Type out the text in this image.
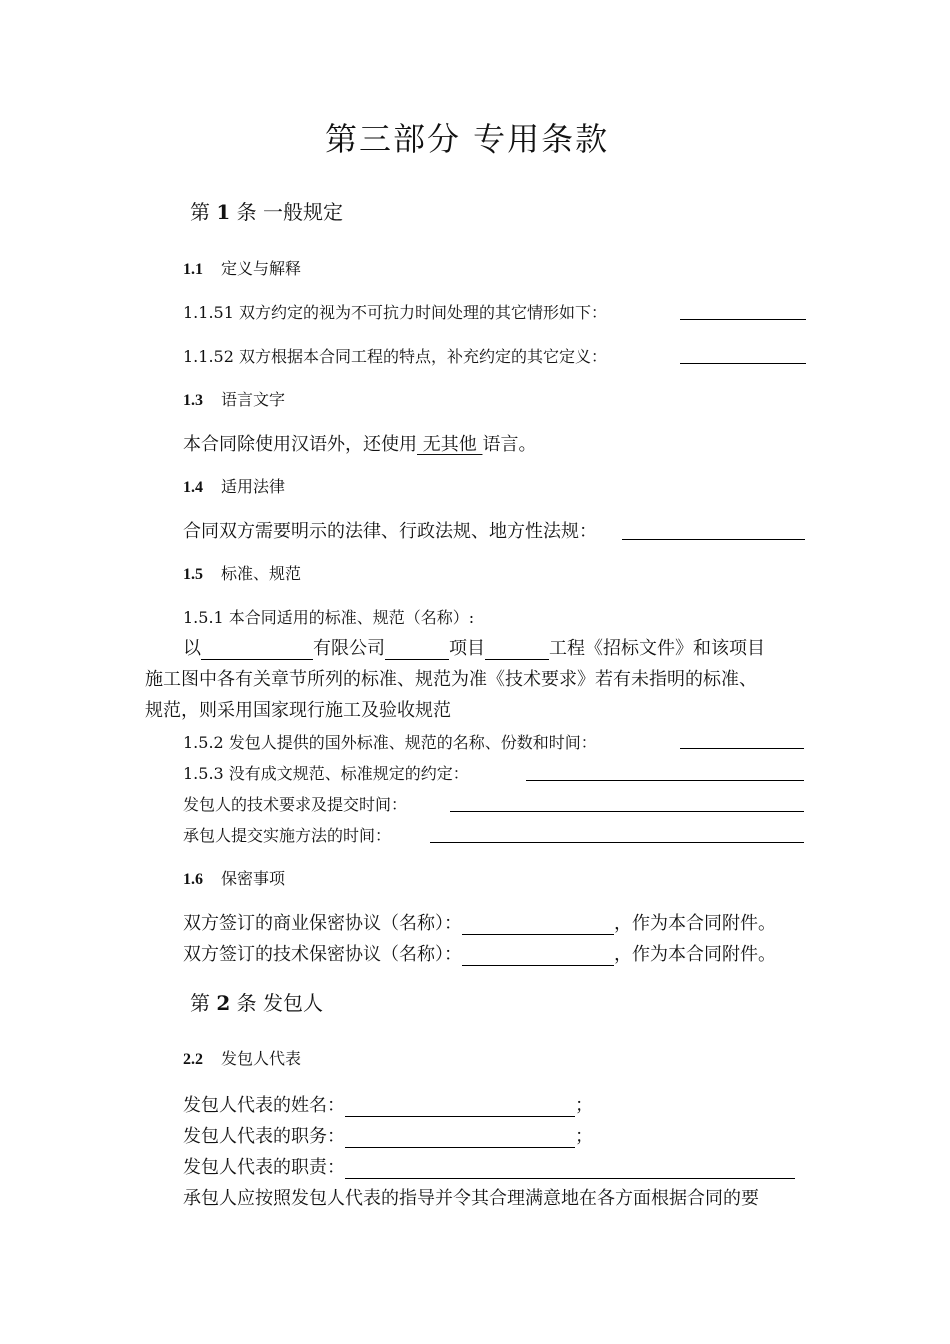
第三部分 专用条款
第 1 条 一般规定
1.1 定义与解释
1.1.51 双方约定的视为不可抗力时间处理的其它情形如下：
1.1.52 双方根据本合同工程的特点，补充约定的其它定义：
1.3 语言文字
本合同除使用汉语外，还使用 无其他 语言。
1.4 适用法律
合同双方需要明示的法律、行政法规、地方性法规：
1.5 标准、规范
1.5.1 本合同适用的标准、规范（名称）:
以	有限公司	项目	工程《招标文件》和该项目
施工图中各有关章节所列的标准、规范为准《技术要求》若有未指明的标准、
规范，则采用国家现行施工及验收规范
1.5.2 发包人提供的国外标准、规范的名称、份数和时间：
1.5.3 没有成文规范、标准规定的约定：
发包人的技术要求及提交时间：
承包人提交实施方法的时间：
1.6 保密事项
双方签订的商业保密协议（名称）：	，作为本合同附件。
双方签订的技术保密协议（名称）：	，作为本合同附件。
第 2 条 发包人
2.2 发包人代表
发包人代表的姓名：	；
发包人代表的职务：	；
发包人代表的职责：
承包人应按照发包人代表的指导并令其合理满意地在各方面根据合同的要
